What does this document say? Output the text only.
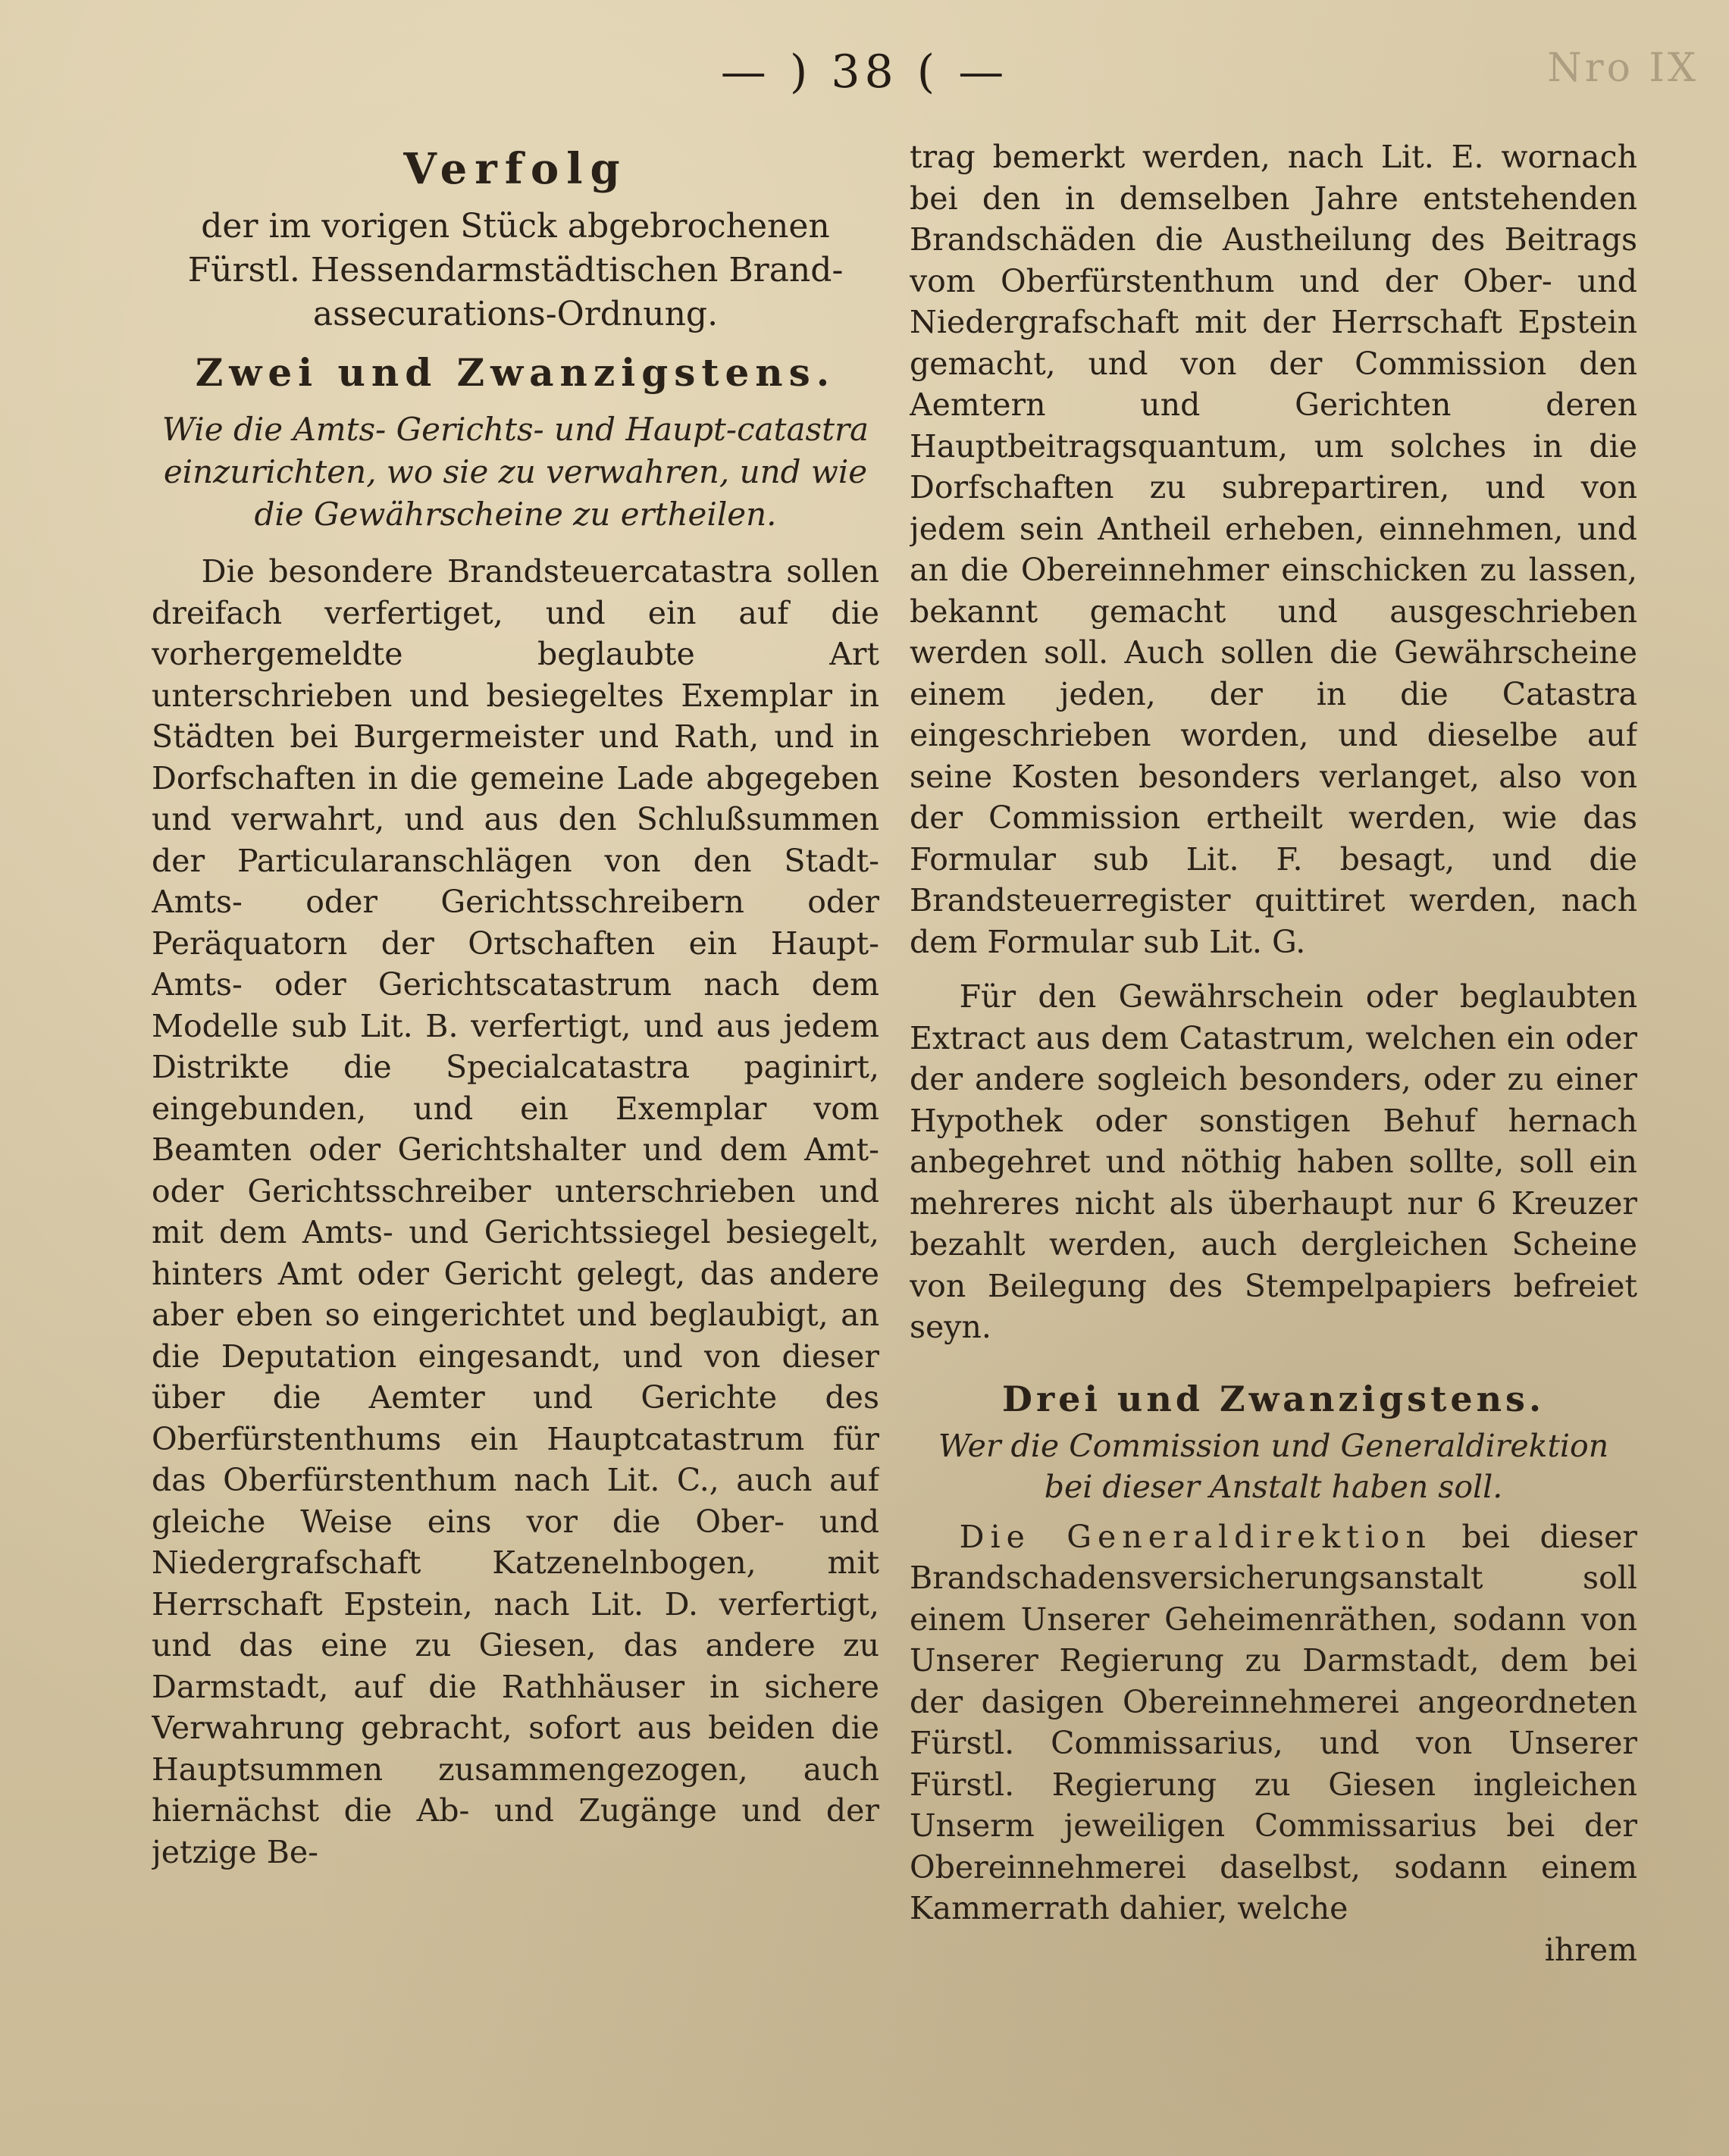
— ) 38 ( —	Nro IX
Verfolg
der im vorigen Stück abgebrochenen Fürstl. Hessendarmstädtischen Brand-assecurations-Ordnung.
Zwei und Zwanzigstens.
Wie die Amts- Gerichts- und Haupt-catastra einzurichten, wo sie zu verwahren, und wie die Gewährscheine zu ertheilen.

Die besondere Brandsteuercatastra sollen dreifach verfertiget, und ein auf die vorhergemeldte beglaubte Art unterschrieben und besiegeltes Exemplar in Städten bei Burgermeister und Rath, und in Dorfschaften in die gemeine Lade abgegeben und verwahrt, und aus den Schlußsummen der Particularanschlägen von den Stadt- Amts- oder Gerichtsschreibern oder Peräquatorn der Ortschaften ein Haupt- Amts- oder Gerichtscatastrum nach dem Modelle sub Lit. B. verfertigt, und aus jedem Distrikte die Specialcatastra paginirt, eingebunden, und ein Exemplar vom Beamten oder Gerichtshalter und dem Amt- oder Gerichtsschreiber unterschrieben und mit dem Amts- und Gerichtssiegel besiegelt, hinters Amt oder Gericht gelegt, das andere aber eben so eingerichtet und beglaubigt, an die Deputation eingesandt, und von dieser über die Aemter und Gerichte des Oberfürstenthums ein Hauptcatastrum für das Oberfürstenthum nach Lit. C., auch auf gleiche Weise eins vor die Ober- und Niedergrafschaft Katzenelnbogen, mit Herrschaft Epstein, nach Lit. D. verfertigt, und das eine zu Giesen, das andere zu Darmstadt, auf die Rathhäuser in sichere Verwahrung gebracht, sofort aus beiden die Hauptsummen zusammengezogen, auch hiernächst die Ab- und Zugänge und der jetzige Be-

trag bemerkt werden, nach Lit. E. wornach bei den in demselben Jahre entstehenden Brandschäden die Austheilung des Beitrags vom Oberfürstenthum und der Ober- und Niedergrafschaft mit der Herrschaft Epstein gemacht, und von der Commission den Aemtern und Gerichten deren Hauptbeitragsquantum, um solches in die Dorfschaften zu subrepartiren, und von jedem sein Antheil erheben, einnehmen, und an die Obereinnehmer einschicken zu lassen, bekannt gemacht und ausgeschrieben werden soll. Auch sollen die Gewährscheine einem jeden, der in die Catastra eingeschrieben worden, und dieselbe auf seine Kosten besonders verlanget, also von der Commission ertheilt werden, wie das Formular sub Lit. F. besagt, und die Brandsteuerregister quittiret werden, nach dem Formular sub Lit. G.

Für den Gewährschein oder beglaubten Extract aus dem Catastrum, welchen ein oder der andere sogleich besonders, oder zu einer Hypothek oder sonstigen Behuf hernach anbegehret und nöthig haben sollte, soll ein mehreres nicht als überhaupt nur 6 Kreuzer bezahlt werden, auch dergleichen Scheine von Beilegung des Stempelpapiers befreiet seyn.

Drei und Zwanzigstens.
Wer die Commission und Generaldirektion bei dieser Anstalt haben soll.

Die Generaldirektion bei dieser Brandschadensversicherungsanstalt soll einem Unserer Geheimenräthen, sodann von Unserer Regierung zu Darmstadt, dem bei der dasigen Obereinnehmerei angeordneten Fürstl. Commissarius, und von Unserer Fürstl. Regierung zu Giesen ingleichen Unserm jeweiligen Commissarius bei der Obereinnehmerei daselbst, sodann einem Kammerrath dahier, welche

ihrem
